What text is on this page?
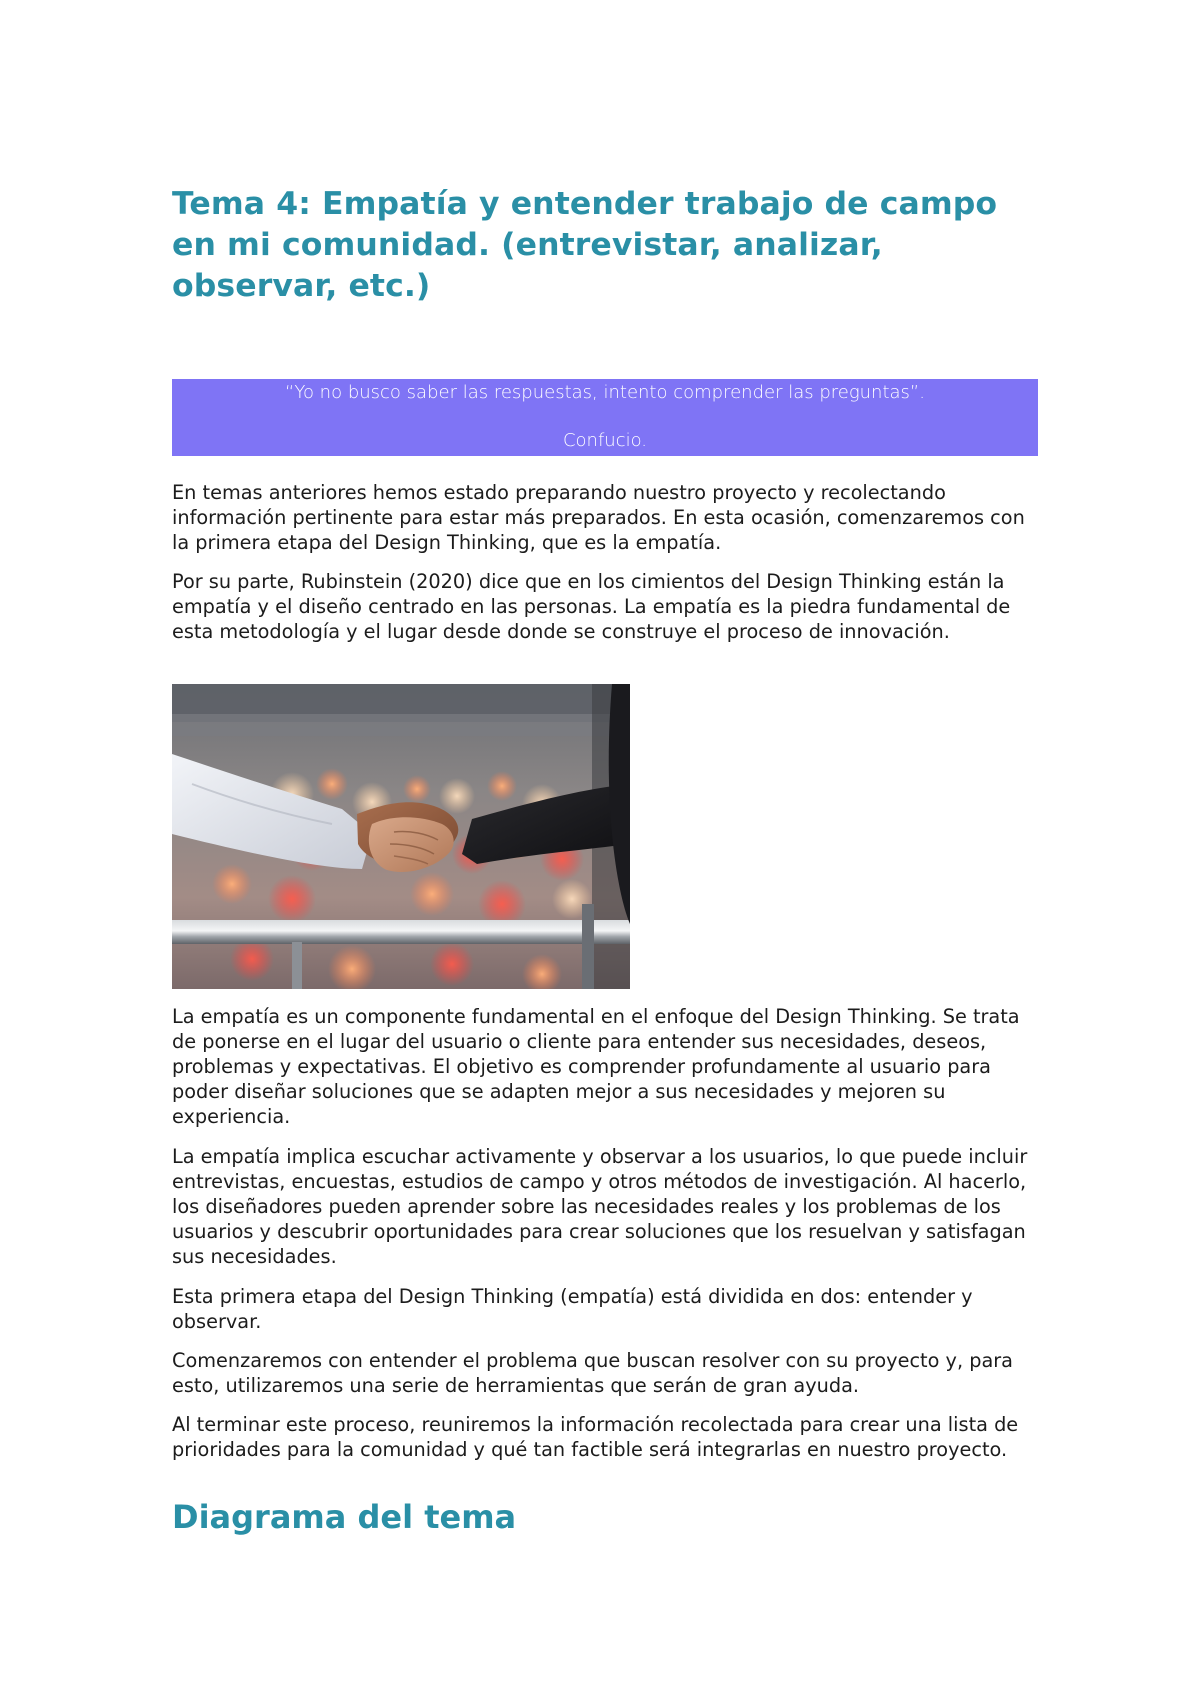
Tema 4: Empatía y entender trabajo de campo en mi comunidad. (entrevistar, analizar, observar, etc.)
“Yo no busco saber las respuestas, intento comprender las preguntas”.
Confucio.

En temas anteriores hemos estado preparando nuestro proyecto y recolectando información pertinente para estar más preparados. En esta ocasión, comenzaremos con la primera etapa del Design Thinking, que es la empatía.

Por su parte, Rubinstein (2020) dice que en los cimientos del Design Thinking están la empatía y el diseño centrado en las personas. La empatía es la piedra fundamental de esta metodología y el lugar desde donde se construye el proceso de innovación.

La empatía es un componente fundamental en el enfoque del Design Thinking. Se trata de ponerse en el lugar del usuario o cliente para entender sus necesidades, deseos, problemas y expectativas. El objetivo es comprender profundamente al usuario para poder diseñar soluciones que se adapten mejor a sus necesidades y mejoren su experiencia.

La empatía implica escuchar activamente y observar a los usuarios, lo que puede incluir entrevistas, encuestas, estudios de campo y otros métodos de investigación. Al hacerlo, los diseñadores pueden aprender sobre las necesidades reales y los problemas de los usuarios y descubrir oportunidades para crear soluciones que los resuelvan y satisfagan sus necesidades.

Esta primera etapa del Design Thinking (empatía) está dividida en dos: entender y observar.

Comenzaremos con entender el problema que buscan resolver con su proyecto y, para esto, utilizaremos una serie de herramientas que serán de gran ayuda.

Al terminar este proceso, reuniremos la información recolectada para crear una lista de prioridades para la comunidad y qué tan factible será integrarlas en nuestro proyecto.

Diagrama del tema
